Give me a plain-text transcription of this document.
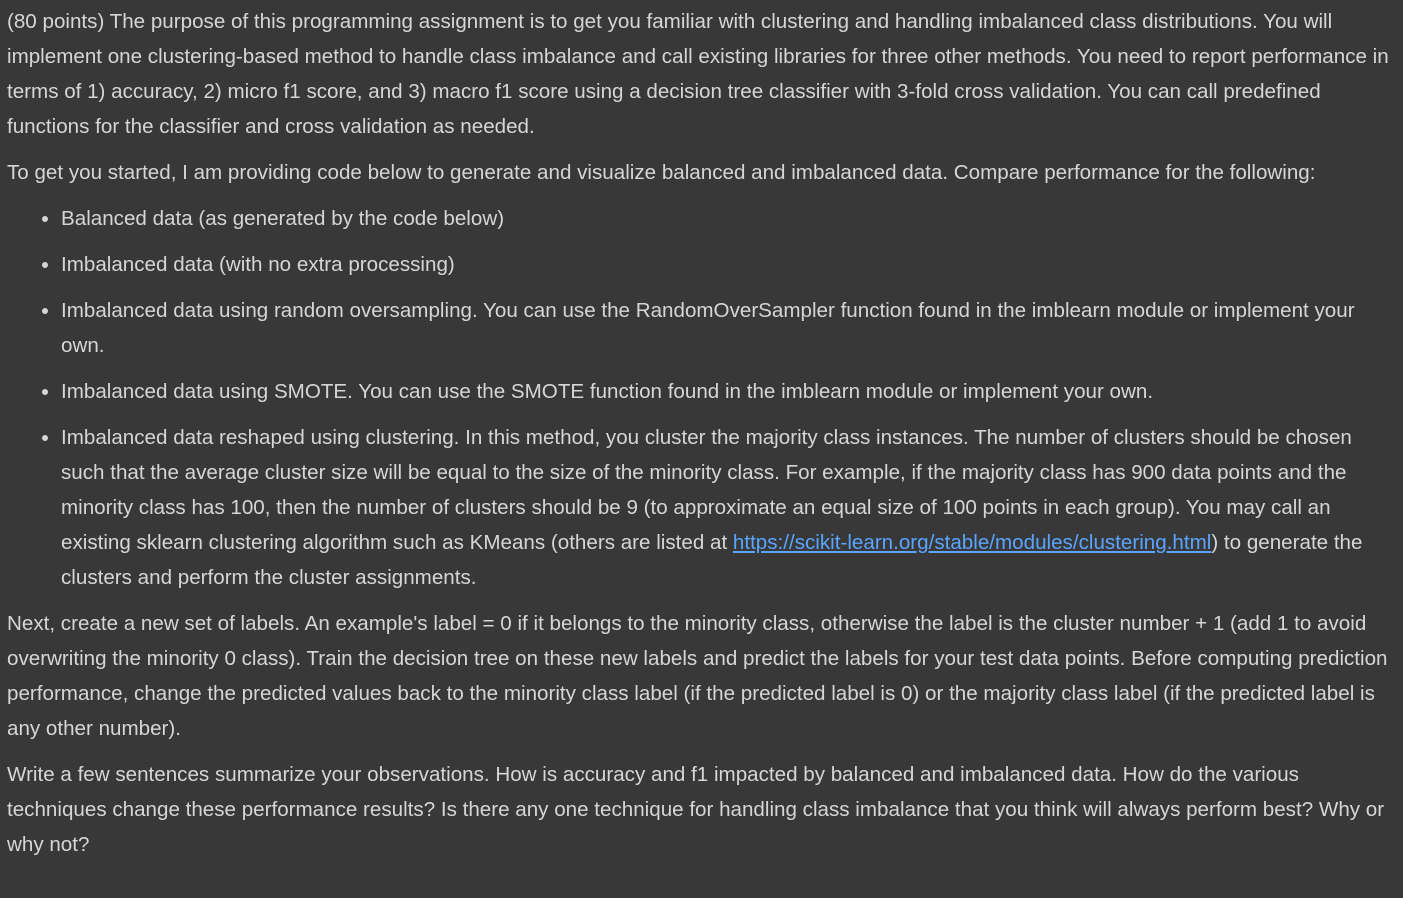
(80 points) The purpose of this programming assignment is to get you familiar with clustering and handling imbalanced class distributions. You will implement one clustering-based method to handle class imbalance and call existing libraries for three other methods. You need to report performance in terms of 1) accuracy, 2) micro f1 score, and 3) macro f1 score using a decision tree classifier with 3-fold cross validation. You can call predefined functions for the classifier and cross validation as needed.

To get you started, I am providing code below to generate and visualize balanced and imbalanced data. Compare performance for the following:

• Balanced data (as generated by the code below)
• Imbalanced data (with no extra processing)
• Imbalanced data using random oversampling. You can use the RandomOverSampler function found in the imblearn module or implement your own.
• Imbalanced data using SMOTE. You can use the SMOTE function found in the imblearn module or implement your own.
• Imbalanced data reshaped using clustering. In this method, you cluster the majority class instances. The number of clusters should be chosen such that the average cluster size will be equal to the size of the minority class. For example, if the majority class has 900 data points and the minority class has 100, then the number of clusters should be 9 (to approximate an equal size of 100 points in each group). You may call an existing sklearn clustering algorithm such as KMeans (others are listed at https://scikit-learn.org/stable/modules/clustering.html) to generate the clusters and perform the cluster assignments.

Next, create a new set of labels. An example's label = 0 if it belongs to the minority class, otherwise the label is the cluster number + 1 (add 1 to avoid overwriting the minority 0 class). Train the decision tree on these new labels and predict the labels for your test data points. Before computing prediction performance, change the predicted values back to the minority class label (if the predicted label is 0) or the majority class label (if the predicted label is any other number).

Write a few sentences summarize your observations. How is accuracy and f1 impacted by balanced and imbalanced data. How do the various techniques change these performance results? Is there any one technique for handling class imbalance that you think will always perform best? Why or why not?
